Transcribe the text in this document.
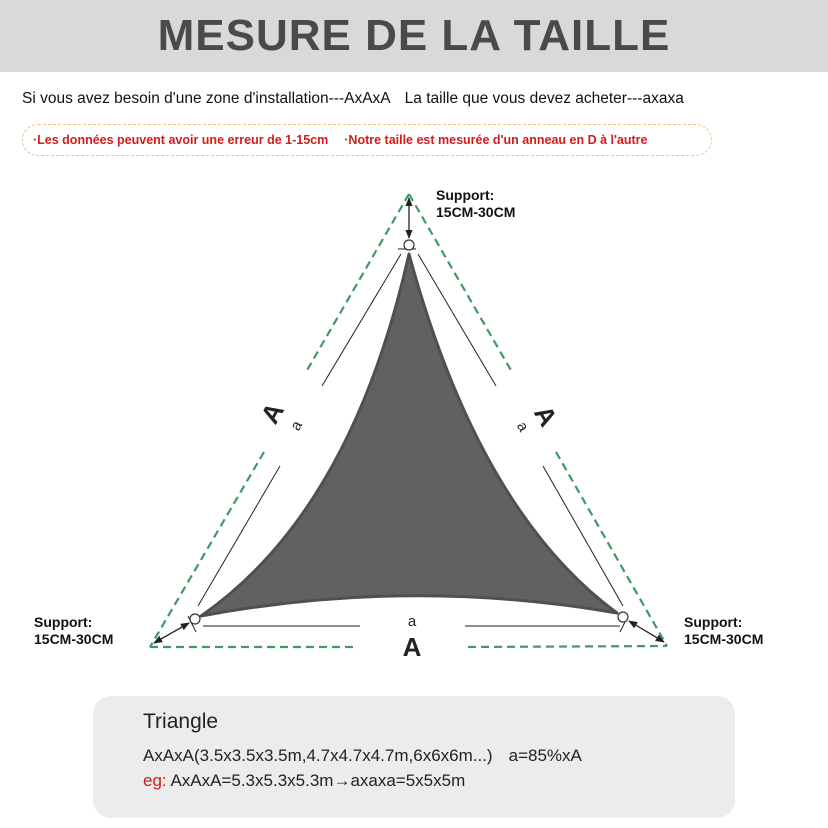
MESURE DE LA TAILLE
Si vous avez besoin d'une zone d'installation---AxAxA La taille que vous devez acheter---axaxa
·Les données peuvent avoir une erreur de 1-15cm ·Notre taille est mesurée d'un anneau en D à l'autre
A
a	A
a
a
A
Support:
15CM-30CM
Support:
15CM-30CM
Support:
15CM-30CM
Triangle
AxAxA(3.5x3.5x3.5m,4.7x4.7x4.7m,6x6x6m...) a=85%xA
eg: AxAxA=5.3x5.3x5.3m→axaxa=5x5x5m
